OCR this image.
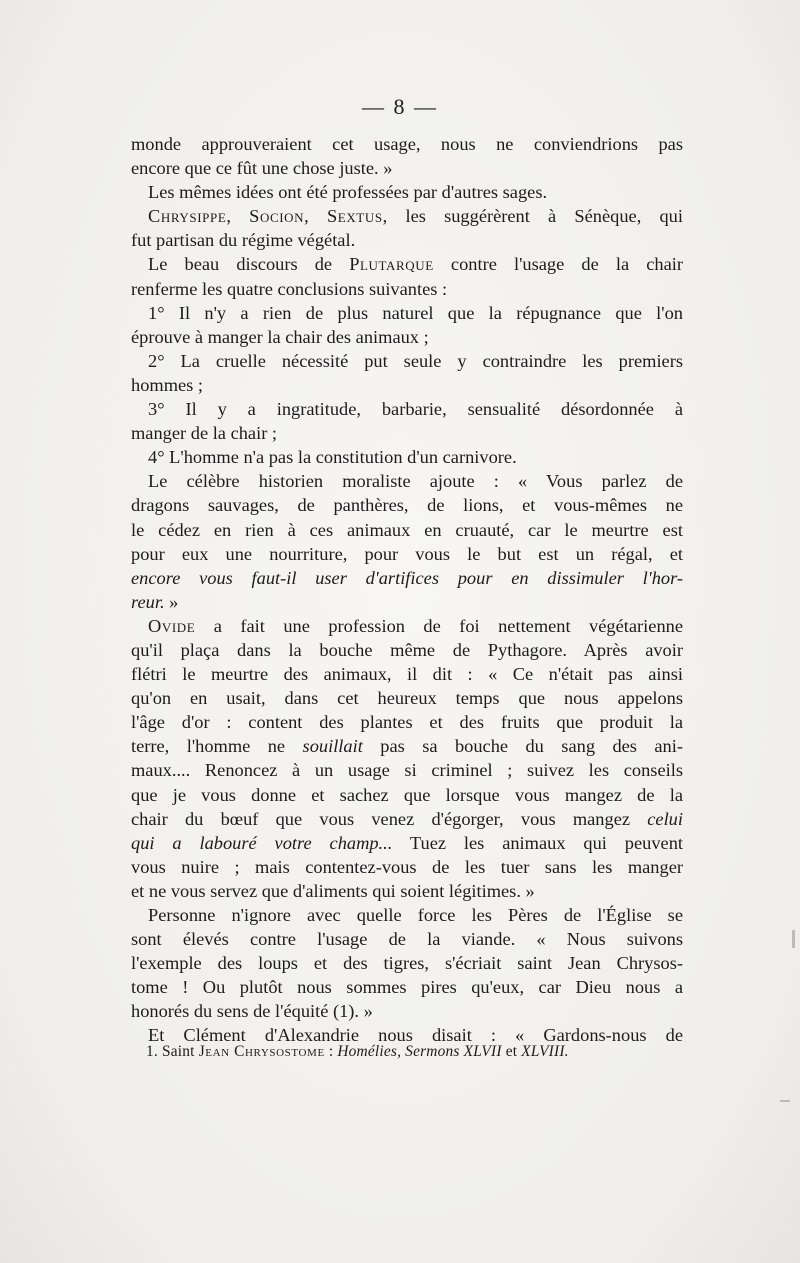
— 8 —
monde approuveraient cet usage, nous ne conviendrions pas
encore que ce fût une chose juste. »
Les mêmes idées ont été professées par d'autres sages.
Chrysippe, Socion, Sextus, les suggérèrent à Sénèque, qui
fut partisan du régime végétal.
Le beau discours de Plutarque contre l'usage de la chair
renferme les quatre conclusions suivantes :
1° Il n'y a rien de plus naturel que la répugnance que l'on
éprouve à manger la chair des animaux ;
2° La cruelle nécessité put seule y contraindre les premiers
hommes ;
3° Il y a ingratitude, barbarie, sensualité désordonnée à
manger de la chair ;
4° L'homme n'a pas la constitution d'un carnivore.
Le célèbre historien moraliste ajoute : « Vous parlez de
dragons sauvages, de panthères, de lions, et vous-mêmes ne
le cédez en rien à ces animaux en cruauté, car le meurtre est
pour eux une nourriture, pour vous le but est un régal, et
encore vous faut-il user d'artifices pour en dissimuler l'hor-
reur. »
Ovide a fait une profession de foi nettement végétarienne
qu'il plaça dans la bouche même de Pythagore. Après avoir
flétri le meurtre des animaux, il dit : « Ce n'était pas ainsi
qu'on en usait, dans cet heureux temps que nous appelons
l'âge d'or : content des plantes et des fruits que produit la
terre, l'homme ne souillait pas sa bouche du sang des ani-
maux.... Renoncez à un usage si criminel ; suivez les conseils
que je vous donne et sachez que lorsque vous mangez de la
chair du bœuf que vous venez d'égorger, vous mangez celui
qui a labouré votre champ... Tuez les animaux qui peuvent
vous nuire ; mais contentez-vous de les tuer sans les manger
et ne vous servez que d'aliments qui soient légitimes. »
Personne n'ignore avec quelle force les Pères de l'Église se
sont élevés contre l'usage de la viande. « Nous suivons
l'exemple des loups et des tigres, s'écriait saint Jean Chrysos-
tome ! Ou plutôt nous sommes pires qu'eux, car Dieu nous a
honorés du sens de l'équité (1). »
Et Clément d'Alexandrie nous disait : « Gardons-nous de
1. Saint Jean Chrysostome : Homélies, Sermons XLVII et XLVIII.
